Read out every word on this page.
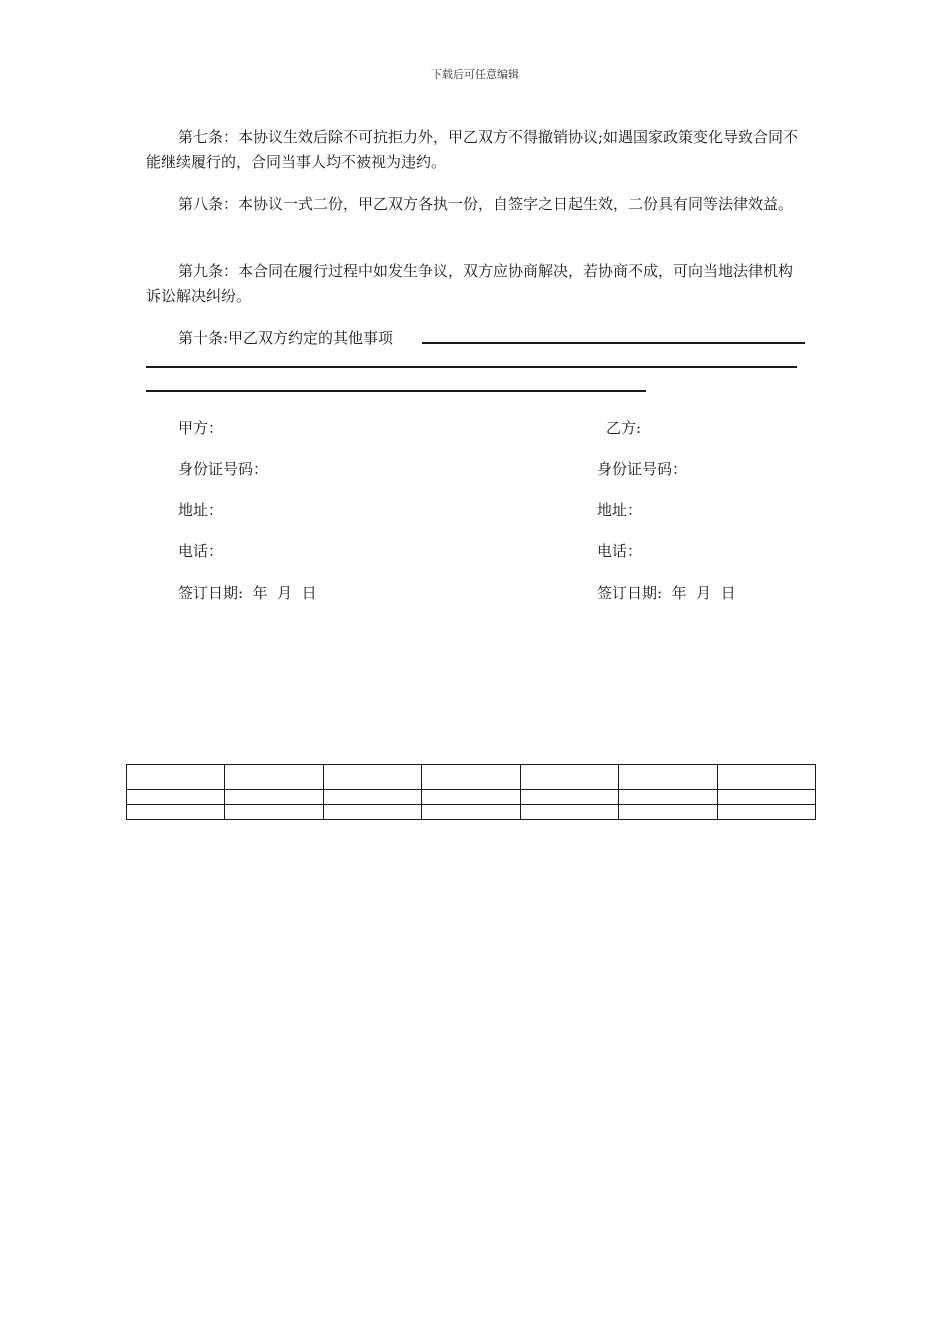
下载后可任意编辑

第七条：本协议生效后除不可抗拒力外，甲乙双方不得撤销协议;如遇国家政策变化导致合同不能继续履行的，合同当事人均不被视为违约。

第八条：本协议一式二份，甲乙双方各执一份，自签字之日起生效，二份具有同等法律效益。

第九条：本合同在履行过程中如发生争议，双方应协商解决，若协商不成，可向当地法律机构诉讼解决纠纷。

第十条:甲乙双方约定的其他事项

甲方：	乙方:
身份证号码：	身份证号码：
地址：	地址：
电话：	电话：
签订日期:  年  月  日	签订日期:  年  月  日
